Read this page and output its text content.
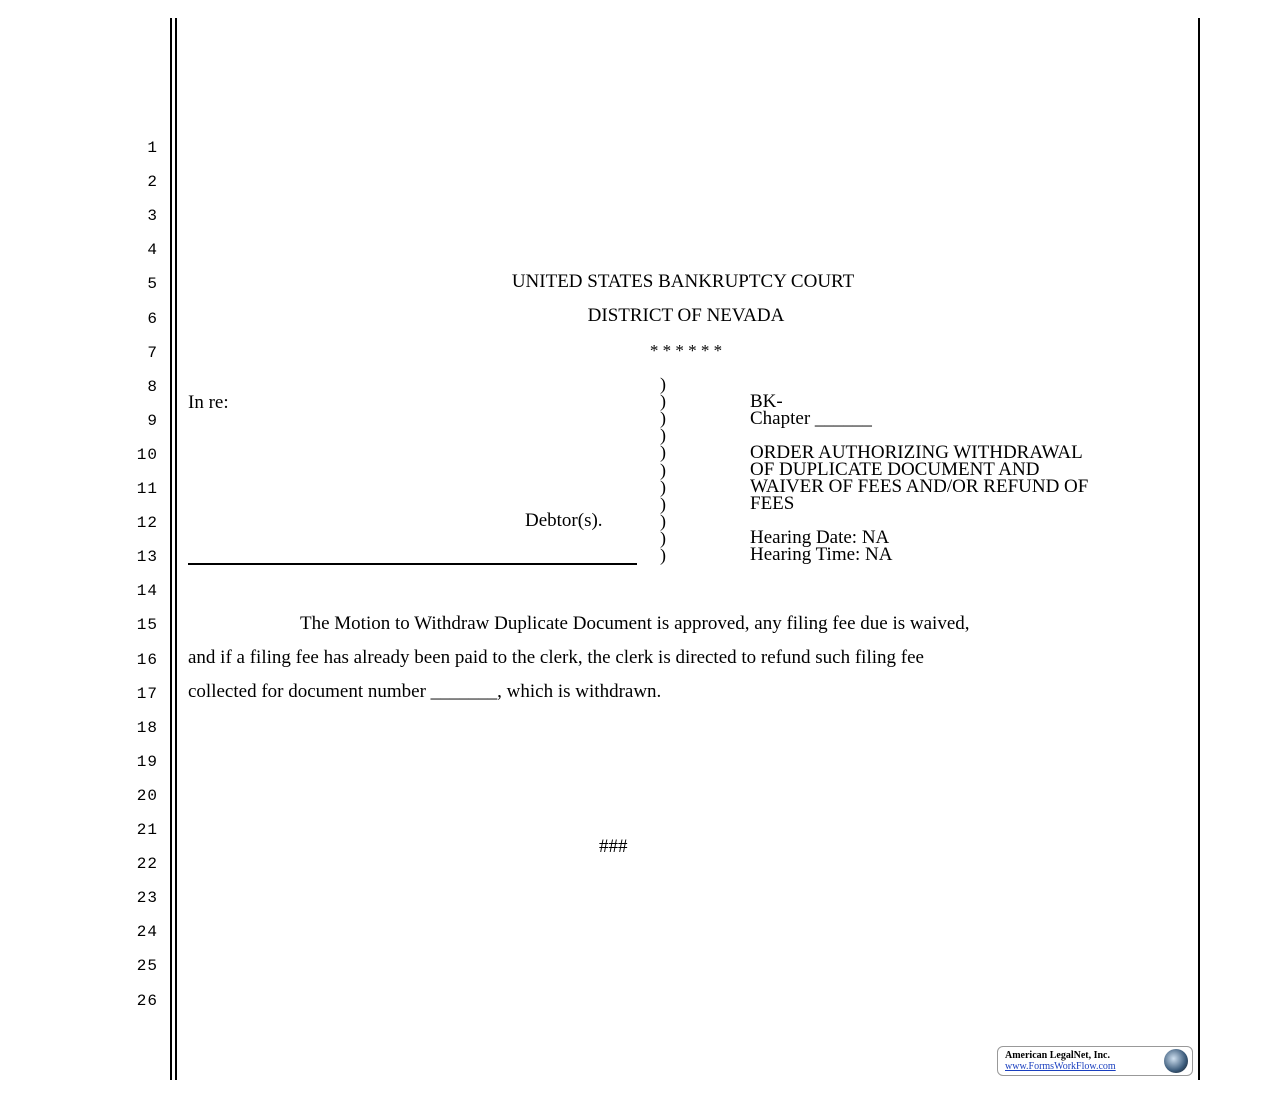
1
2
3
4
5
6
7
8
9
10
11
12
13
14
15
16
17
18
19
20
21
22
23
24
25
26
UNITED STATES BANKRUPTCY COURT
DISTRICT OF NEVADA
* * * * * *
In re:
Debtor(s).
)
)
)
)
)
)
)
)
)
)
)
BK-
Chapter ______
ORDER AUTHORIZING WITHDRAWAL
OF DUPLICATE DOCUMENT AND
WAIVER OF FEES AND/OR REFUND OF
FEES
Hearing Date: NA
Hearing Time: NA
The Motion to Withdraw Duplicate Document is approved, any filing fee due is waived,
and if a filing fee has already been paid to the clerk, the clerk is directed to refund such filing fee
collected for document number _______, which is withdrawn.
###
American LegalNet, Inc.
www.FormsWorkFlow.com
